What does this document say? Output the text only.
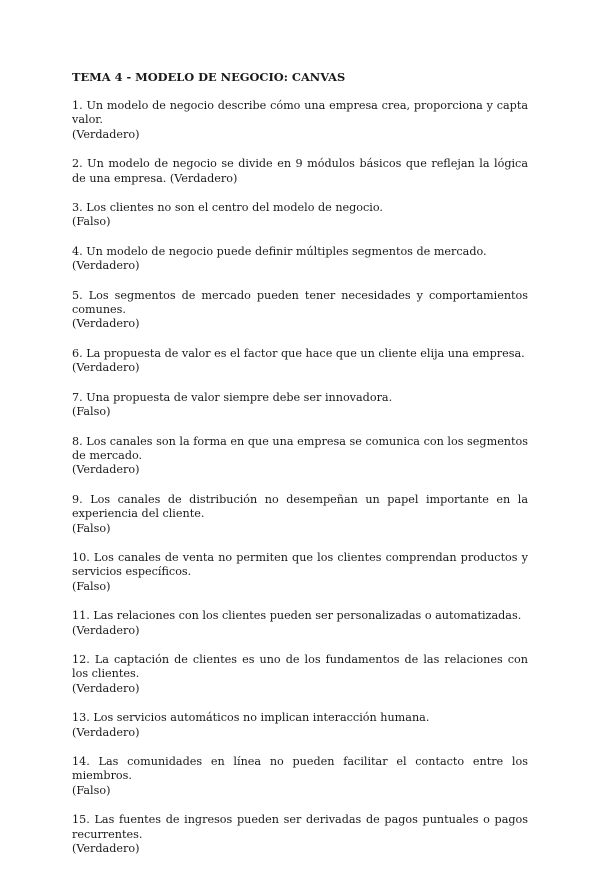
TEMA 4 - MODELO DE NEGOCIO: CANVAS

1. Un modelo de negocio describe cómo una empresa crea, proporciona y capta valor.

(Verdadero)

2. Un modelo de negocio se divide en 9 módulos básicos que reflejan la lógica de una empresa. (Verdadero)

3. Los clientes no son el centro del modelo de negocio.

(Falso)

4. Un modelo de negocio puede definir múltiples segmentos de mercado.

(Verdadero)

5. Los segmentos de mercado pueden tener necesidades y comportamientos comunes.

(Verdadero)

6. La propuesta de valor es el factor que hace que un cliente elija una empresa.

(Verdadero)

7. Una propuesta de valor siempre debe ser innovadora.

(Falso)

8. Los canales son la forma en que una empresa se comunica con los segmentos de mercado.

(Verdadero)

9. Los canales de distribución no desempeñan un papel importante en la experiencia del cliente.

(Falso)

10. Los canales de venta no permiten que los clientes comprendan productos y servicios específicos.

(Falso)

11. Las relaciones con los clientes pueden ser personalizadas o automatizadas.

(Verdadero)

12. La captación de clientes es uno de los fundamentos de las relaciones con los clientes.

(Verdadero)

13. Los servicios automáticos no implican interacción humana.

(Verdadero)

14. Las comunidades en línea no pueden facilitar el contacto entre los miembros.

(Falso)

15. Las fuentes de ingresos pueden ser derivadas de pagos puntuales o pagos recurrentes.

(Verdadero)
